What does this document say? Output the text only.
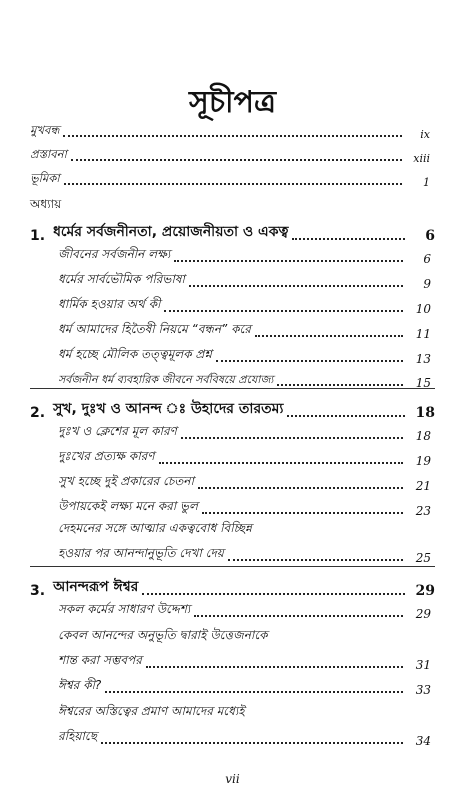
সূচীপত্র
মুখবন্ধ	ix
প্রস্তাবনা	xiii
ভূমিকা	1
অধ্যায়
1. ধর্মের সর্বজনীনতা, প্রয়োজনীয়তা ও একত্ব	6
জীবনের সর্বজনীন লক্ষ্য	6
ধর্মের সার্বভৌমিক পরিভাষা	9
ধার্মিক হওয়ার অর্থ কী	10
ধর্ম আমাদের হিতৈষী নিয়মে “বন্ধন” করে	11
ধর্ম হচ্ছে মৌলিক তত্ত্বমূলক প্রশ্ন	13
সর্বজনীন ধর্ম ব্যবহারিক জীবনে সর্ববিষয়ে প্রযোজ্য	15
2. সুখ, দুঃখ ও আনন্দ ঃ উহাদের তারতম্য	18
দুঃখ ও ক্লেশের মূল কারণ	18
দুঃখের প্রত্যক্ষ কারণ	19
সুখ হচ্ছে দুই প্রকারের চেতনা	21
উপায়কেই লক্ষ্য মনে করা ভুল	23
দেহমনের সঙ্গে আত্মার একত্ববোধ বিচ্ছিন্ন
হওয়ার পর আনন্দানুভূতি দেখা দেয়	25
3. আনন্দরূপ ঈশ্বর	29
সকল কর্মের সাধারণ উদ্দেশ্য	29
কেবল আনন্দের অনুভূতি দ্বারাই উত্তেজনাকে
শান্ত করা সম্ভবপর	31
ঈশ্বর কী?	33
ঈশ্বরের অস্তিত্বের প্রমাণ আমাদের মধ্যেই
রহিয়াছে	34
vii
